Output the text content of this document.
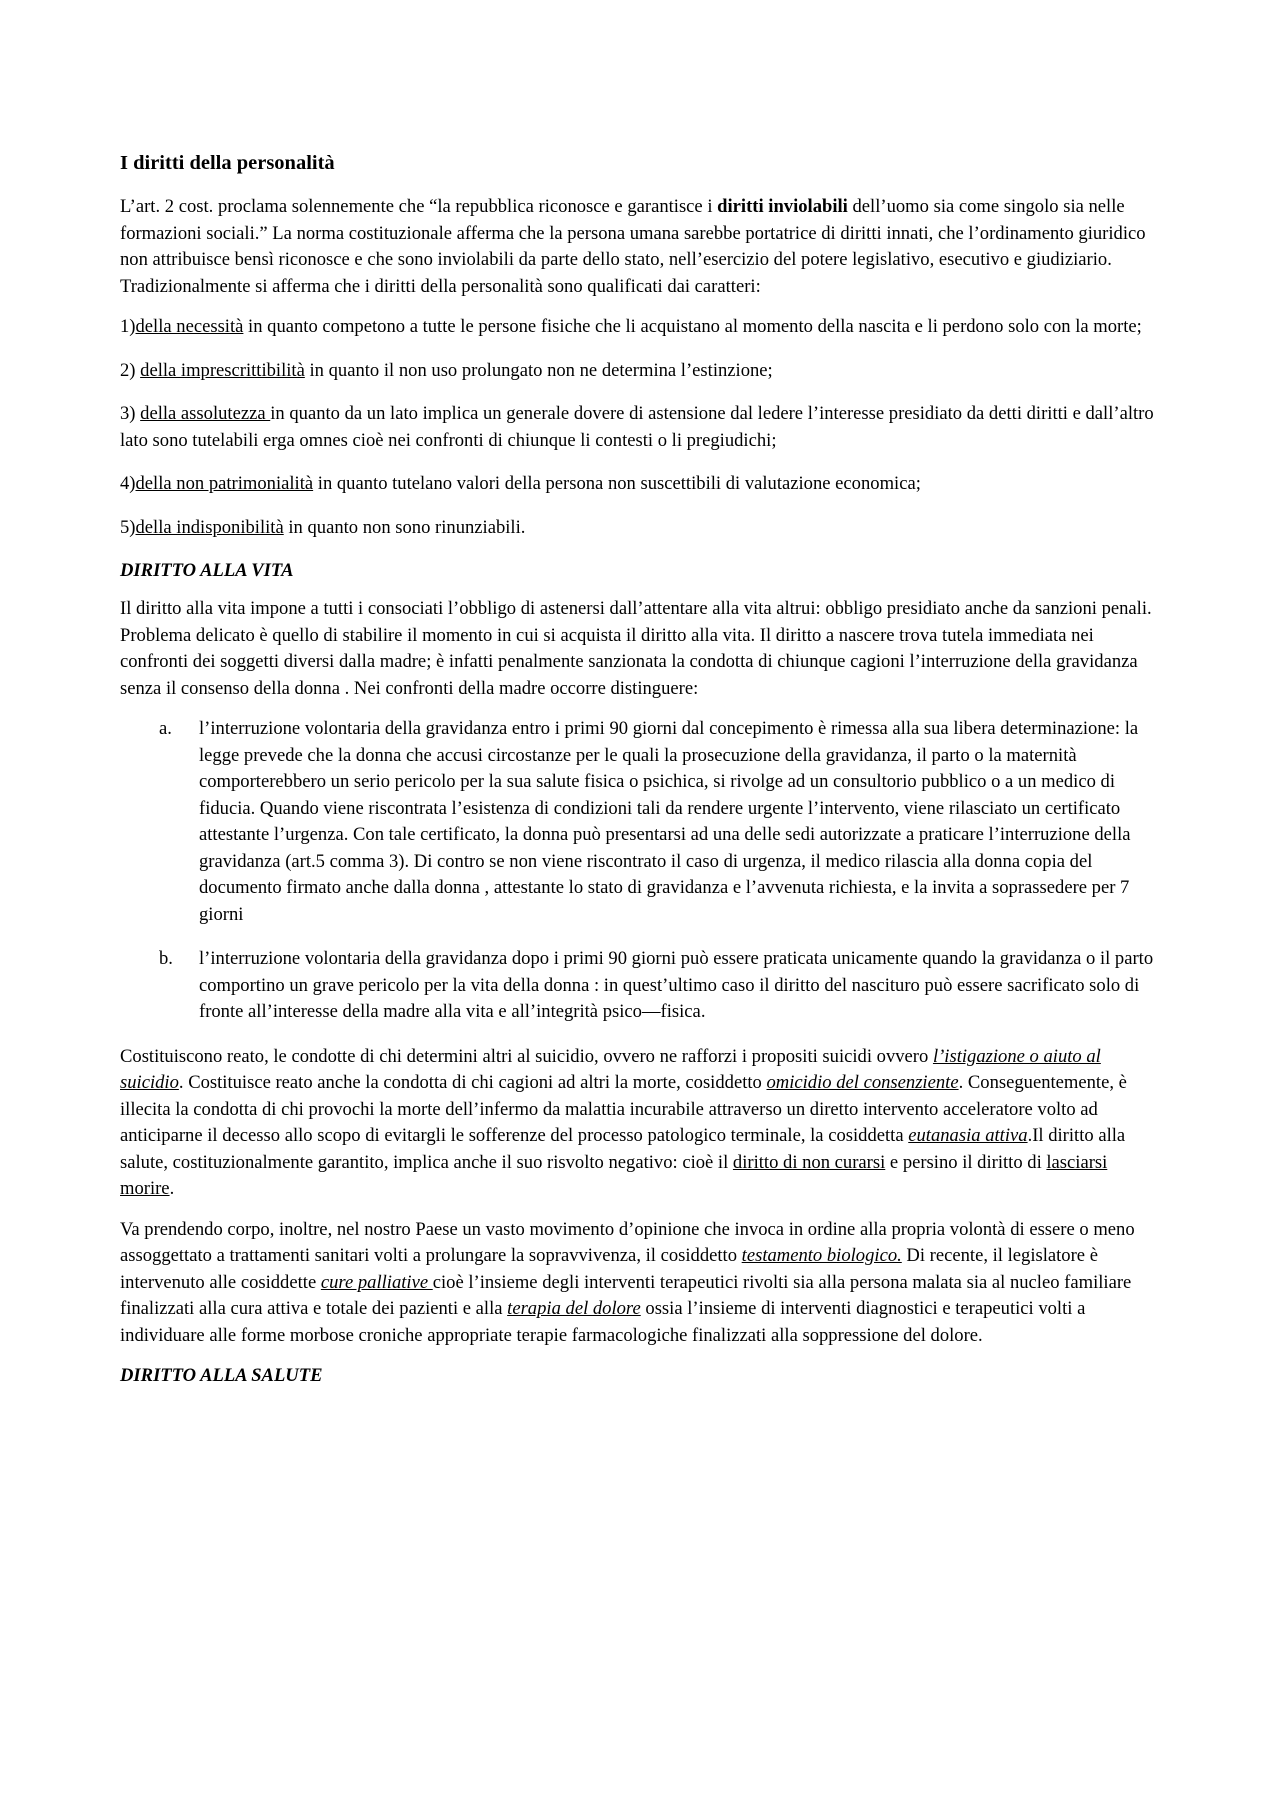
I diritti della personalità

L’art. 2 cost. proclama solennemente che “la repubblica riconosce e garantisce i diritti inviolabili dell’uomo sia come singolo sia nelle formazioni sociali.” La norma costituzionale afferma che la persona umana sarebbe portatrice di diritti innati, che l’ordinamento giuridico non attribuisce bensì riconosce e che sono inviolabili da parte dello stato, nell’esercizio del potere legislativo, esecutivo e giudiziario. Tradizionalmente si afferma che i diritti della personalità sono qualificati dai caratteri:

1)della necessità in quanto competono a tutte le persone fisiche che li acquistano al momento della nascita e li perdono solo con la morte;
2) della imprescrittibilità in quanto il non uso prolungato non ne determina l’estinzione;
3) della assolutezza in quanto da un lato implica un generale dovere di astensione dal ledere l’interesse presidiato da detti diritti e dall’altro lato sono tutelabili erga omnes cioè nei confronti di chiunque li contesti o li pregiudichi;
4)della non patrimonialità in quanto tutelano valori della persona non suscettibili di valutazione economica;
5)della indisponibilità in quanto non sono rinunziabili.
DIRITTO ALLA VITA

Il diritto alla vita impone a tutti i consociati l’obbligo di astenersi dall’attentare alla vita altrui: obbligo presidiato anche da sanzioni penali. Problema delicato è quello di stabilire il momento in cui si acquista il diritto alla vita. Il diritto a nascere trova tutela immediata nei confronti dei soggetti diversi dalla madre; è infatti penalmente sanzionata la condotta di chiunque cagioni l’interruzione della gravidanza senza il consenso della donna . Nei confronti della madre occorre distinguere:

a. l’interruzione volontaria della gravidanza entro i primi 90 giorni dal concepimento è rimessa alla sua libera determinazione: la legge prevede che la donna che accusi circostanze per le quali la prosecuzione della gravidanza, il parto o la maternità comporterebbero un serio pericolo per la sua salute fisica o psichica, si rivolge ad un consultorio pubblico o a un medico di fiducia. Quando viene riscontrata l’esistenza di condizioni tali da rendere urgente l’intervento, viene rilasciato un certificato attestante l’urgenza. Con tale certificato, la donna può presentarsi ad una delle sedi autorizzate a praticare l’interruzione della gravidanza (art.5 comma 3). Di contro se non viene riscontrato il caso di urgenza, il medico rilascia alla donna copia del documento firmato anche dalla donna , attestante lo stato di gravidanza e l’avvenuta richiesta, e la invita a soprassedere per 7 giorni
b. l’interruzione volontaria della gravidanza dopo i primi 90 giorni può essere praticata unicamente quando la gravidanza o il parto comportino un grave pericolo per la vita della donna : in quest’ultimo caso il diritto del nascituro può essere sacrificato solo di fronte all’interesse della madre alla vita e all’integrità psico—fisica.

Costituiscono reato, le condotte di chi determini altri al suicidio, ovvero ne rafforzi i propositi suicidi ovvero l’istigazione o aiuto al suicidio. Costituisce reato anche la condotta di chi cagioni ad altri la morte, cosiddetto omicidio del consenziente. Conseguentemente, è illecita la condotta di chi provochi la morte dell’infermo da malattia incurabile attraverso un diretto intervento acceleratore volto ad anticiparne il decesso allo scopo di evitargli le sofferenze del processo patologico terminale, la cosiddetta eutanasia attiva.Il diritto alla salute, costituzionalmente garantito, implica anche il suo risvolto negativo: cioè il diritto di non curarsi e persino il diritto di lasciarsi morire.

Va prendendo corpo, inoltre, nel nostro Paese un vasto movimento d’opinione che invoca in ordine alla propria volontà di essere o meno assoggettato a trattamenti sanitari volti a prolungare la sopravvivenza, il cosiddetto testamento biologico. Di recente, il legislatore è intervenuto alle cosiddette cure palliative cioè l’insieme degli interventi terapeutici rivolti sia alla persona malata sia al nucleo familiare finalizzati alla cura attiva e totale dei pazienti e alla terapia del dolore ossia l’insieme di interventi diagnostici e terapeutici volti a individuare alle forme morbose croniche appropriate terapie farmacologiche finalizzati alla soppressione del dolore.

DIRITTO ALLA SALUTE
